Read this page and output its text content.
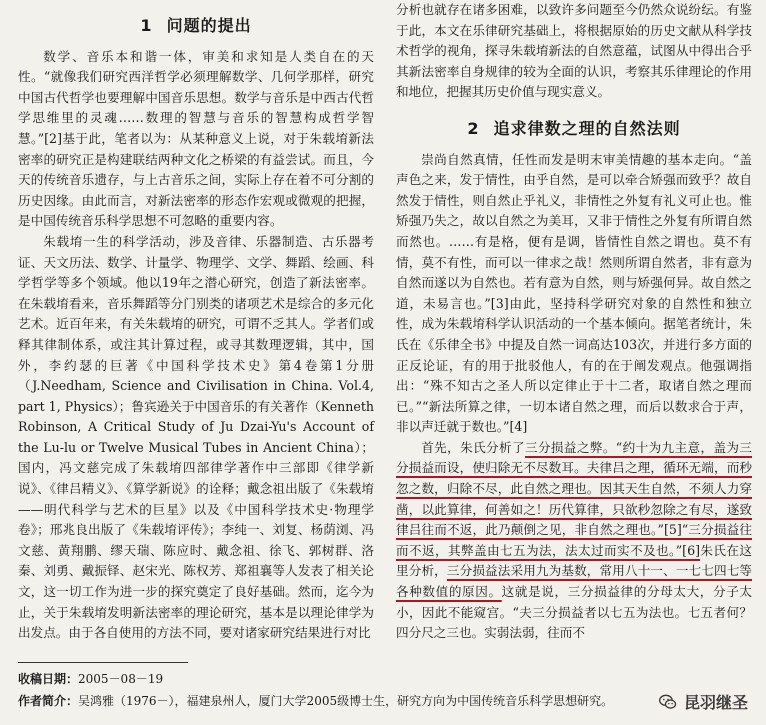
1 问题的提出

数学、音乐本和谐一体，审美和求知是人类自在的天性。“就像我们研究西洋哲学必须理解数学、几何学那样，研究中国古代哲学也要理解中国音乐思想。数学与音乐是中西古代哲学思维里的灵魂……数理的智慧与音乐的智慧构成哲学智慧。”[2]基于此，笔者以为：从某种意义上说，对于朱载堉新法密率的研究正是构建联结两种文化之桥梁的有益尝试。而且，今天的传统音乐遗存，与上古音乐之间，实际上存在着不可分割的历史因缘。由此而言，对新法密率的形态作宏观或微观的把握，是中国传统音乐科学思想不可忽略的重要内容。

朱载堉一生的科学活动，涉及音律、乐器制造、古乐器考证、天文历法、数学、计量学、物理学、文学、舞蹈、绘画、科学哲学等多个领域。他以19年之潜心研究，创造了新法密率。在朱载堉看来，音乐舞蹈等分门别类的诸项艺术是综合的多元化艺术。近百年来，有关朱载堉的研究，可谓不乏其人。学者们或释其律制体系，或注其计算过程，或寻其数理逻辑，其中，国外，李约瑟的巨著《中国科学技术史》第4卷第1分册（J.Needham, Science and Civilisation in China. Vol.4, part 1, Physics）；鲁宾逊关于中国音乐的有关著作（Kenneth Robinson, A Critical Study of Ju Dzai-Yu's Account of the Lu-lu or Twelve Musical Tubes in Ancient China）；国内，冯文慈完成了朱载堉四部律学著作中三部即《律学新说》、《律吕精义》、《算学新说》的诠释；戴念祖出版了《朱载堉——明代科学与艺术的巨星》以及《中国科学技术史·物理学卷》；邢兆良出版了《朱载堉评传》；李纯一、刘复、杨荫浏、冯文慈、黄翔鹏、缪天瑞、陈应时、戴念祖、徐飞、郭树群、洛秦、刘勇、戴振铎、赵宋光、陈权芳、郑祖襄等人发表了相关论文，这一切工作为进一步的探究奠定了良好基础。然而，迄今为止，关于朱载堉发明新法密率的理论研究，基本是以理论律学为出发点。由于各自使用的方法不同，要对诸家研究结果进行对比

分析也就存在诸多困难，以致许多问题至今仍然众说纷纭。有鉴于此，本文在乐律研究基础上，将根据原始的历史文献从科学技术哲学的视角，探寻朱载堉新法的自然意蕴，试图从中得出合乎其新法密率自身规律的较为全面的认识，考察其乐律理论的作用和地位，把握其历史价值与现实意义。

2 追求律数之理的自然法则

崇尚自然真情，任性而发是明末审美情趣的基本走向。“盖声色之来，发于情性，由乎自然，是可以牵合矫强而致乎？故自然发于情性，则自然止乎礼义，非情性之外复有礼义可止也。惟矫强乃失之，故以自然之为美耳，又非于情性之外复有所谓自然而然也。……有是格，便有是调，皆情性自然之谓也。莫不有情，莫不有性，而可以一律求之哉！然则所谓自然者，非有意为自然而遂以为自然也。若有意为自然，则与矫强何异。故自然之道，未易言也。”[3]由此，坚持科学研究对象的自然性和独立性，成为朱载堉科学认识活动的一个基本倾向。据笔者统计，朱氏在《乐律全书》中提及自然一词高达103次，并进行多方面的正反论证，有的用于批驳他人，有的在于阐发观点。他强调指出：“殊不知古之圣人所以定律止于十二者，取诸自然之理而已。”“新法所算之律，一切本诸自然之理，而后以数求合于声，非以声迁就于数也。”[4]

首先，朱氏分析了三分损益之弊。“约十为九主意，盖为三分损益而设，使归除无不尽数耳。夫律吕之理，循环无端，而秒忽之数，归除不尽，此自然之理也。因其天生自然，不须人力穿凿，以此算律，何善如之！历代算律，只欲秒忽除之有尽，遂致律吕往而不返，此乃颠倒之见，非自然之理也。”[5]“三分损益往而不返，其弊盖由七五为法，法太过而实不及也。”[6]朱氏在这里分析，三分损益法采用九为基数，常用八十一、一七七四七等各种数值的原因。这就是说，三分损益律的分母太大，分子太小，因此不能窥宫。“夫三分损益者以七五为法也。七五者何？四分尺之三也。实弱法弱，往而不

收稿日期：2005－08－19
作者简介：吴鸿雅（1976－），福建泉州人，厦门大学2005级博士生，研究方向为中国传统音乐科学思想研究。	昆羽继圣
